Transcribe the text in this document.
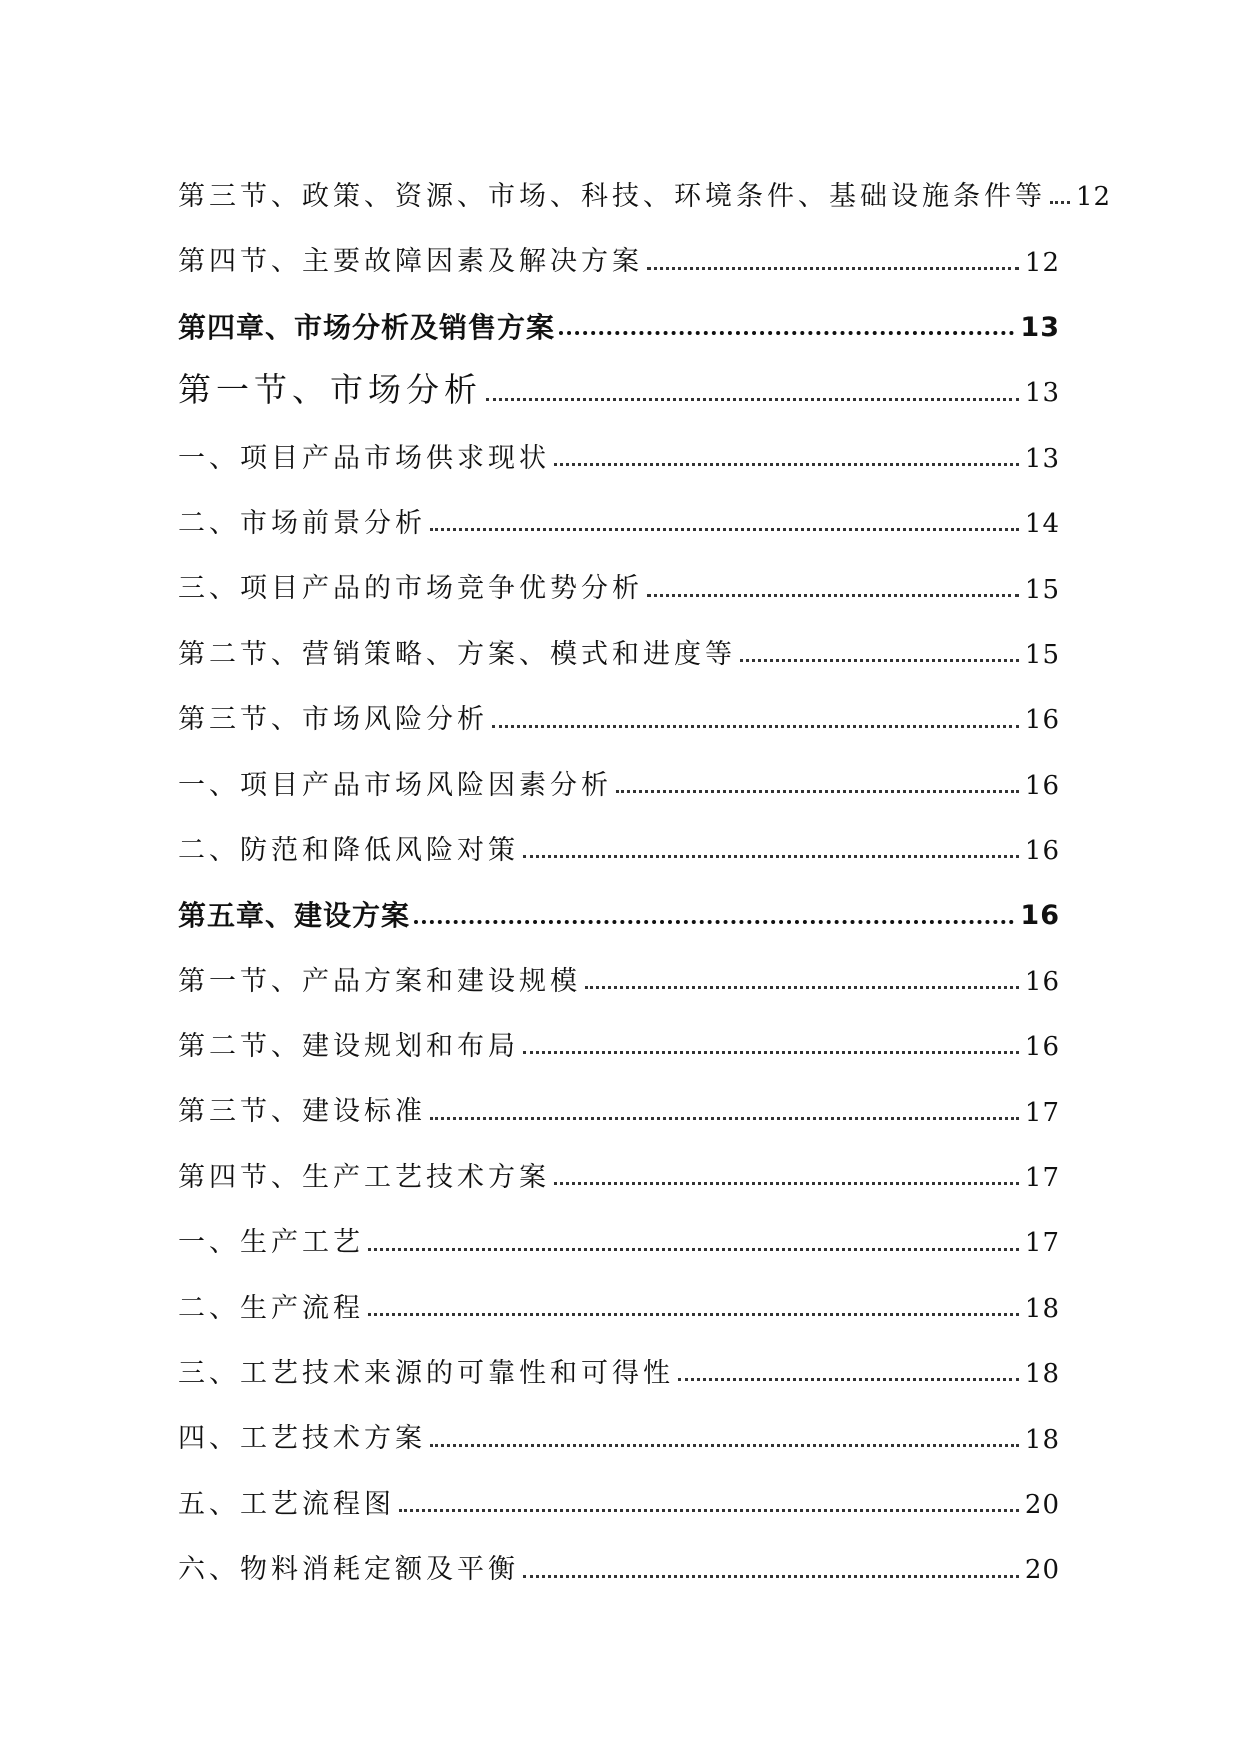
第三节、政策、资源、市场、科技、环境条件、基础设施条件等 12
第四节、主要故障因素及解决方案	12
第四章、市场分析及销售方案	13
第一节、市场分析	13
一、项目产品市场供求现状	13
二、市场前景分析	14
三、项目产品的市场竞争优势分析	15
第二节、营销策略、方案、模式和进度等	15
第三节、市场风险分析	16
一、项目产品市场风险因素分析	16
二、防范和降低风险对策	16
第五章、建设方案	16
第一节、产品方案和建设规模	16
第二节、建设规划和布局	16
第三节、建设标准	17
第四节、生产工艺技术方案	17
一、生产工艺	17
二、生产流程	18
三、工艺技术来源的可靠性和可得性	18
四、工艺技术方案	18
五、工艺流程图	20
六、物料消耗定额及平衡	20
